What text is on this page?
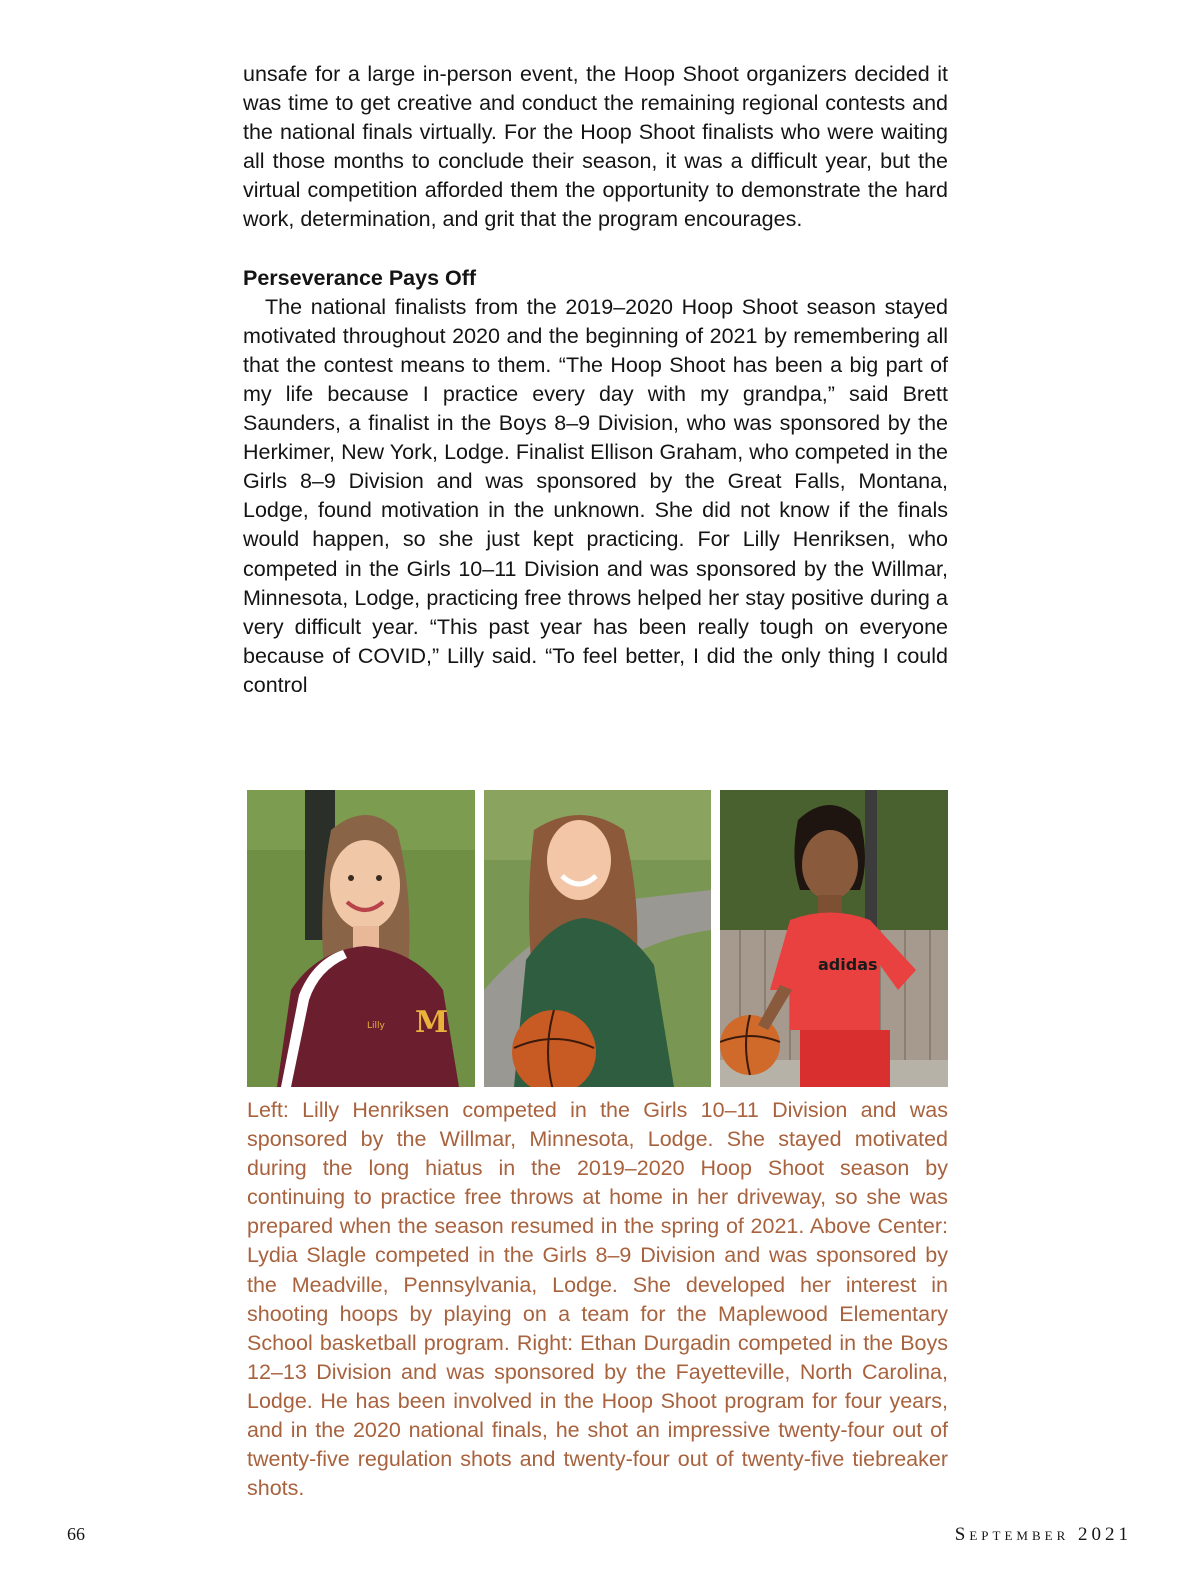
unsafe for a large in-person event, the Hoop Shoot organizers decided it was time to get creative and conduct the remaining regional contests and the national finals virtually. For the Hoop Shoot finalists who were waiting all those months to conclude their season, it was a difficult year, but the virtual competition afforded them the opportunity to demonstrate the hard work, determination, and grit that the program encourages.

Perseverance Pays Off

The national finalists from the 2019–2020 Hoop Shoot season stayed motivated throughout 2020 and the beginning of 2021 by remembering all that the contest means to them. “The Hoop Shoot has been a big part of my life because I practice every day with my grandpa,” said Brett Saunders, a finalist in the Boys 8–9 Division, who was sponsored by the Herkimer, New York, Lodge. Finalist Ellison Graham, who competed in the Girls 8–9 Division and was sponsored by the Great Falls, Montana, Lodge, found motivation in the unknown. She did not know if the finals would happen, so she just kept practicing. For Lilly Henriksen, who competed in the Girls 10–11 Division and was sponsored by the Willmar, Minnesota, Lodge, practicing free throws helped her stay positive during a very difficult year. “This past year has been really tough on everyone because of COVID,” Lilly said. “To feel better, I did the only thing I could control

Lilly M
adidas

Left: Lilly Henriksen competed in the Girls 10–11 Division and was sponsored by the Willmar, Minnesota, Lodge. She stayed motivated during the long hiatus in the 2019–2020 Hoop Shoot season by continuing to practice free throws at home in her driveway, so she was prepared when the season resumed in the spring of 2021. Above Center: Lydia Slagle competed in the Girls 8–9 Division and was sponsored by the Meadville, Pennsylvania, Lodge. She developed her interest in shooting hoops by playing on a team for the Maplewood Elementary School basketball program. Right: Ethan Durgadin competed in the Boys 12–13 Division and was sponsored by the Fayetteville, North Carolina, Lodge. He has been involved in the Hoop Shoot program for four years, and in the 2020 national finals, he shot an impressive twenty-four out of twenty-five regulation shots and twenty-four out of twenty-five tiebreaker shots.

66	September 2021
